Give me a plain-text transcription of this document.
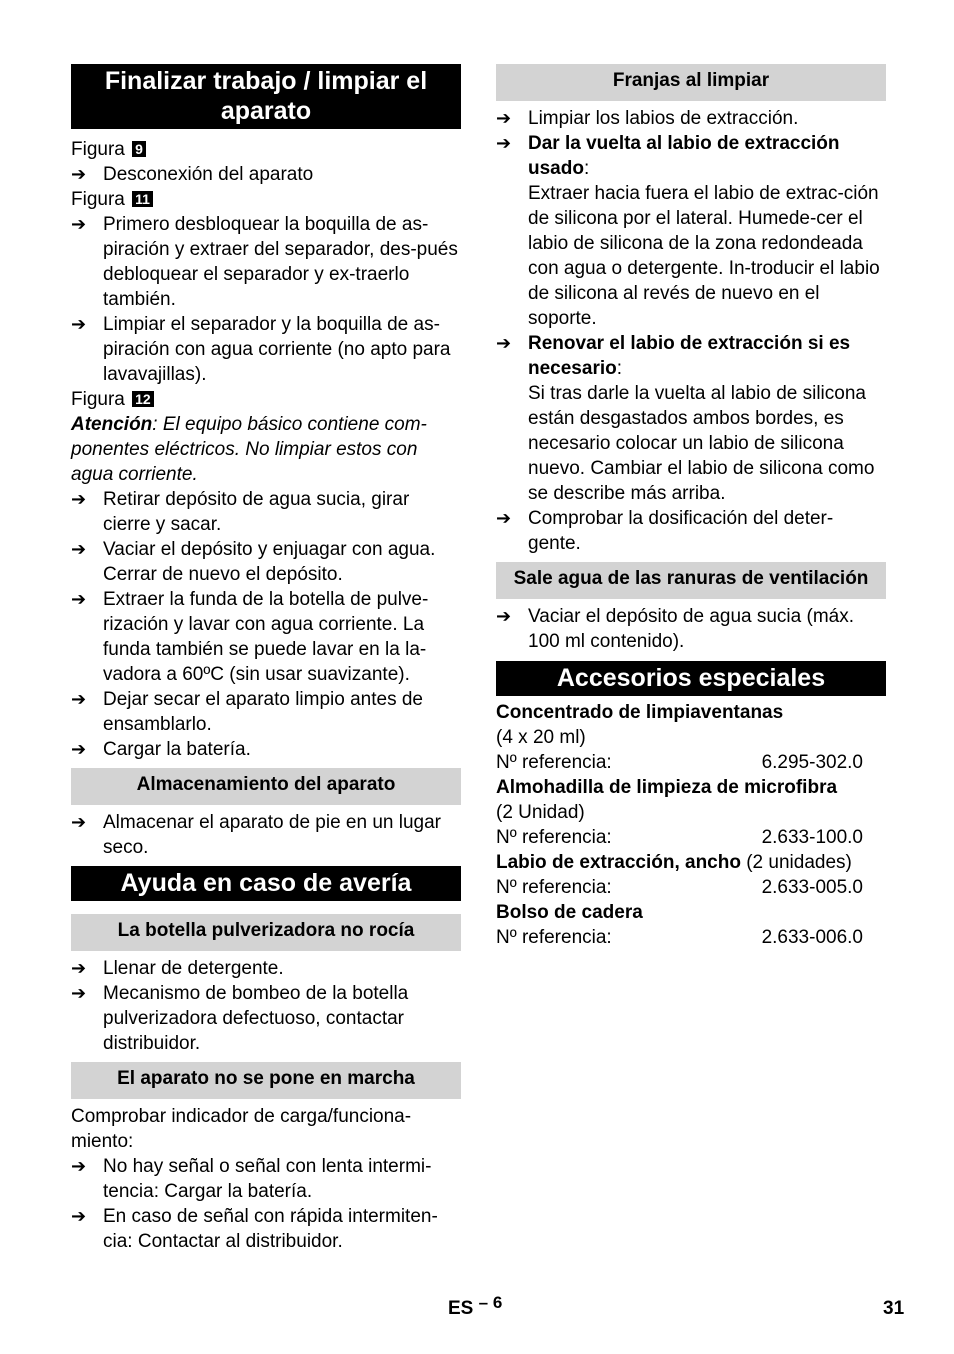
Finalizar trabajo / limpiar el aparato

Figura 9

➔ Desconexión del aparato

Figura 11

➔ Primero desbloquear la boquilla de as-piración y extraer del separador, des-pués debloquear el separador y ex-traerlo también.

➔ Limpiar el separador y la boquilla de as-piración con agua corriente (no apto para lavavajillas).

Figura 12

Atención: El equipo básico contiene com-ponentes eléctricos. No limpiar estos con agua corriente.

➔ Retirar depósito de agua sucia, girar cierre y sacar.

➔ Vaciar el depósito y enjuagar con agua. Cerrar de nuevo el depósito.

➔ Extraer la funda de la botella de pulve-rización y lavar con agua corriente. La funda también se puede lavar en la la-vadora a 60ºC (sin usar suavizante).

➔ Dejar secar el aparato limpio antes de ensamblarlo.

➔ Cargar la batería.

Almacenamiento del aparato

➔ Almacenar el aparato de pie en un lugar seco.

Ayuda en caso de avería
La botella pulverizadora no rocía

➔ Llenar de detergente.

➔ Mecanismo de bombeo de la botella pulverizadora defectuoso, contactar distribuidor.

El aparato no se pone en marcha

Comprobar indicador de carga/funciona-miento:

➔ No hay señal o señal con lenta intermi-tencia: Cargar la batería.

➔ En caso de señal con rápida intermiten-cia: Contactar al distribuidor.

Franjas al limpiar

➔ Limpiar los labios de extracción.

➔ Dar la vuelta al labio de extracción usado:

Extraer hacia fuera el labio de extrac-ción de silicona por el lateral. Humede-cer el labio de silicona de la zona redondeada con agua o detergente. In-troducir el labio de silicona al revés de nuevo en el soporte.

➔ Renovar el labio de extracción si es necesario:

Si tras darle la vuelta al labio de silicona están desgastados ambos bordes, es necesario colocar un labio de silicona nuevo. Cambiar el labio de silicona como se describe más arriba.

➔ Comprobar la dosificación del deter-gente.

Sale agua de las ranuras de ventilación

➔ Vaciar el depósito de agua sucia (máx. 100 ml contenido).

Accesorios especiales

Concentrado de limpiaventanas

(4 x 20 ml)

Nº referencia:	6.295-302.0

Almohadilla de limpieza de microfibra

(2 Unidad)

Nº referencia:	2.633-100.0

Labio de extracción, ancho (2 unidades)

Nº referencia:	2.633-005.0

Bolso de cadera

Nº referencia:	2.633-006.0
ES – 6	31
